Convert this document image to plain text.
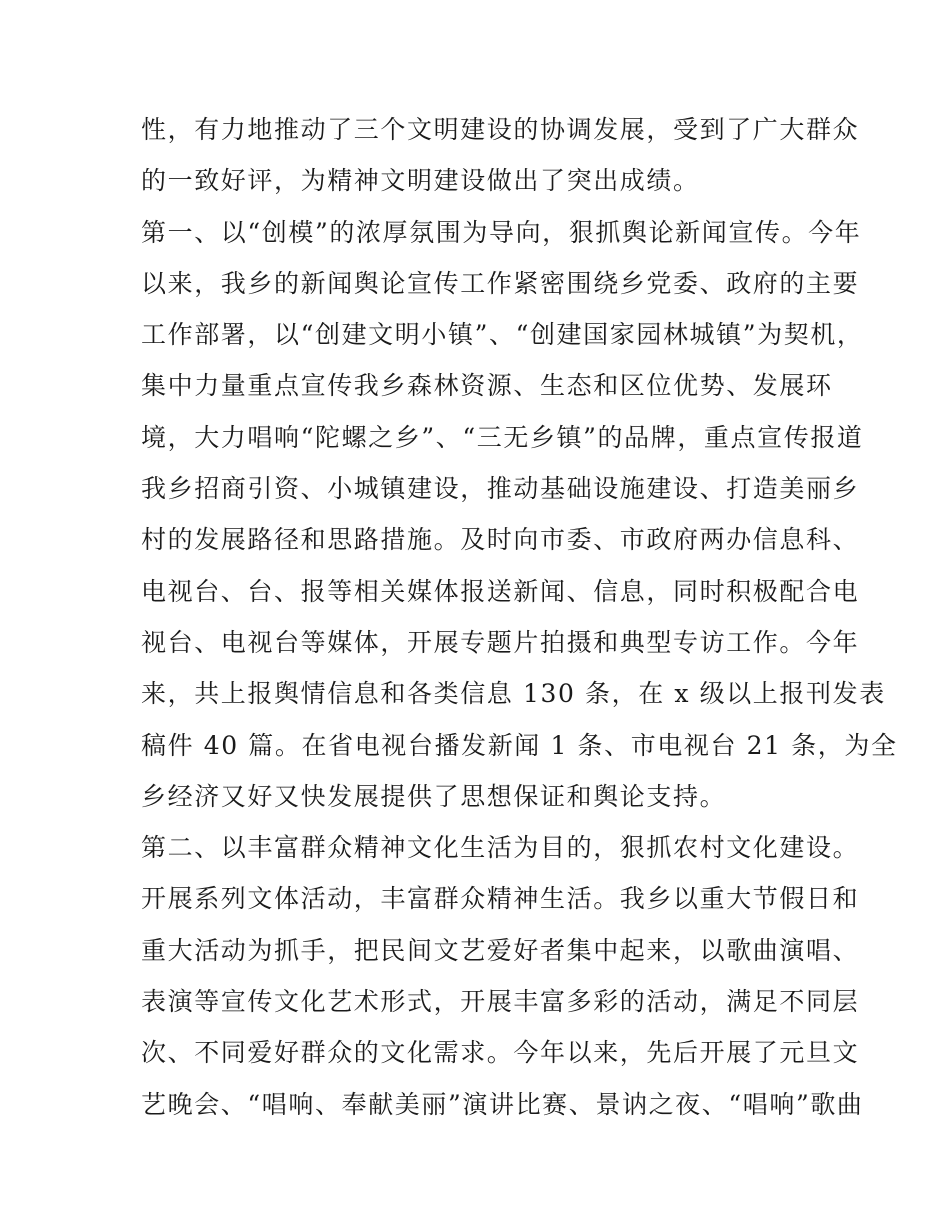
性，有力地推动了三个文明建设的协调发展，受到了广大群众
的一致好评，为精神文明建设做出了突出成绩。
第一、以“创模”的浓厚氛围为导向，狠抓舆论新闻宣传。今年
以来，我乡的新闻舆论宣传工作紧密围绕乡党委、政府的主要
工作部署，以“创建文明小镇”、“创建国家园林城镇”为契机，
集中力量重点宣传我乡森林资源、生态和区位优势、发展环
境，大力唱响“陀螺之乡”、“三无乡镇”的品牌，重点宣传报道
我乡招商引资、小城镇建设，推动基础设施建设、打造美丽乡
村的发展路径和思路措施。及时向市委、市政府两办信息科、
电视台、台、报等相关媒体报送新闻、信息，同时积极配合电
视台、电视台等媒体，开展专题片拍摄和典型专访工作。今年
来，共上报舆情信息和各类信息 130 条，在 x 级以上报刊发表
稿件 40 篇。在省电视台播发新闻 1 条、市电视台 21 条，为全
乡经济又好又快发展提供了思想保证和舆论支持。
第二、以丰富群众精神文化生活为目的，狠抓农村文化建设。
开展系列文体活动，丰富群众精神生活。我乡以重大节假日和
重大活动为抓手，把民间文艺爱好者集中起来，以歌曲演唱、
表演等宣传文化艺术形式，开展丰富多彩的活动，满足不同层
次、不同爱好群众的文化需求。今年以来，先后开展了元旦文
艺晚会、“唱响、奉献美丽”演讲比赛、景讷之夜、“唱响”歌曲
